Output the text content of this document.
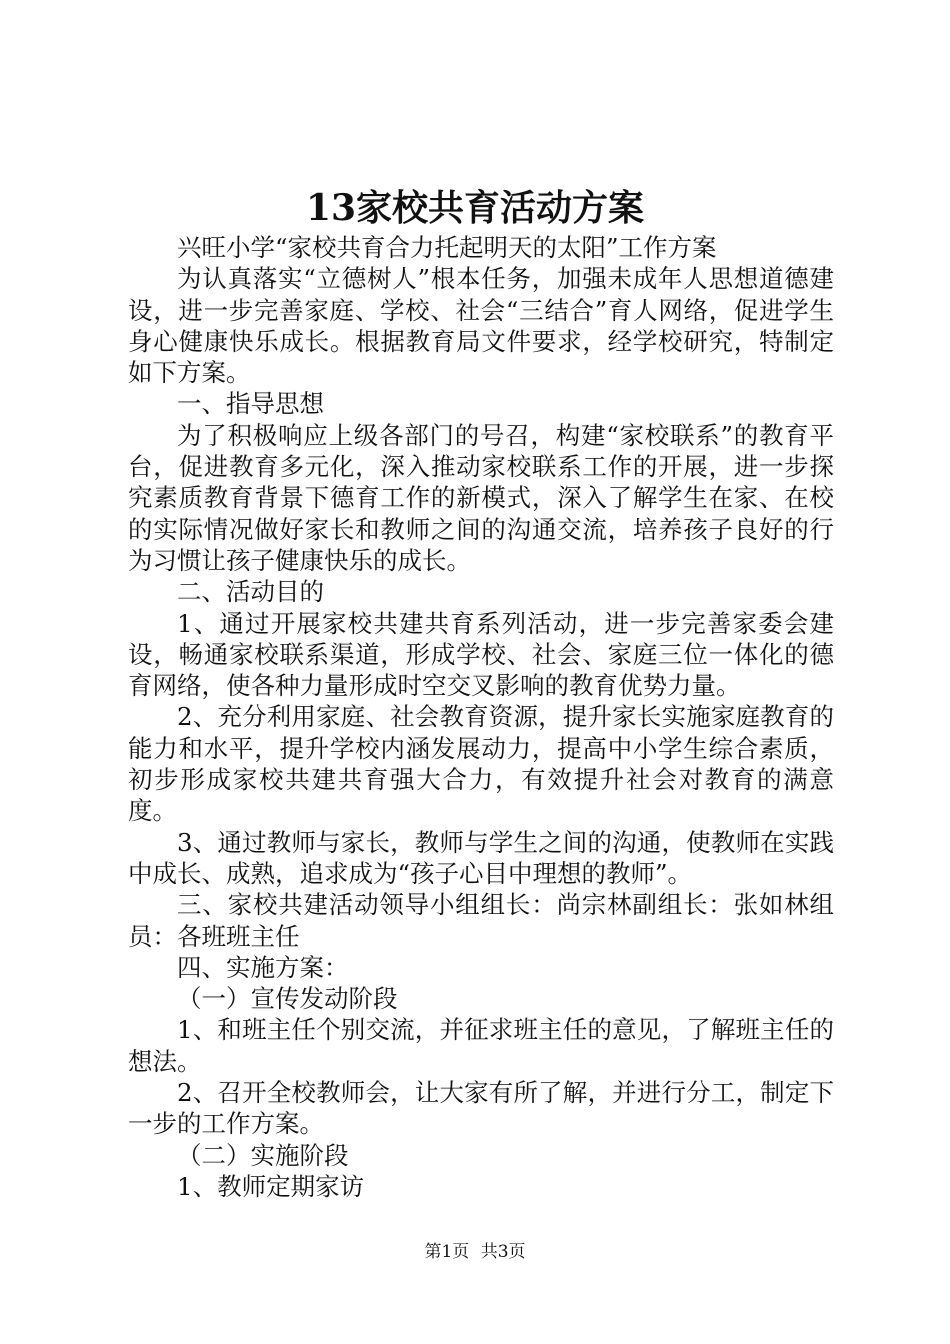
13家校共育活动方案

兴旺小学“家校共育合力托起明天的太阳”工作方案

为认真落实“立德树人”根本任务，加强未成年人思想道德建设，进一步完善家庭、学校、社会“三结合”育人网络，促进学生身心健康快乐成长。根据教育局文件要求，经学校研究，特制定如下方案。

一、指导思想

为了积极响应上级各部门的号召，构建“家校联系”的教育平台，促进教育多元化，深入推动家校联系工作的开展，进一步探究素质教育背景下德育工作的新模式，深入了解学生在家、在校的实际情况做好家长和教师之间的沟通交流，培养孩子良好的行为习惯让孩子健康快乐的成长。

二、活动目的

1、通过开展家校共建共育系列活动，进一步完善家委会建设，畅通家校联系渠道，形成学校、社会、家庭三位一体化的德育网络，使各种力量形成时空交叉影响的教育优势力量。

2、充分利用家庭、社会教育资源，提升家长实施家庭教育的能力和水平，提升学校内涵发展动力，提高中小学生综合素质，初步形成家校共建共育强大合力，有效提升社会对教育的满意度。

3、通过教师与家长，教师与学生之间的沟通，使教师在实践中成长、成熟，追求成为“孩子心目中理想的教师”。

三、家校共建活动领导小组组长：尚宗林副组长：张如林组员：各班班主任

四、实施方案：

（一）宣传发动阶段

1、和班主任个别交流，并征求班主任的意见，了解班主任的想法。

2、召开全校教师会，让大家有所了解，并进行分工，制定下一步的工作方案。

（二）实施阶段

1、教师定期家访

第1页 共3页
